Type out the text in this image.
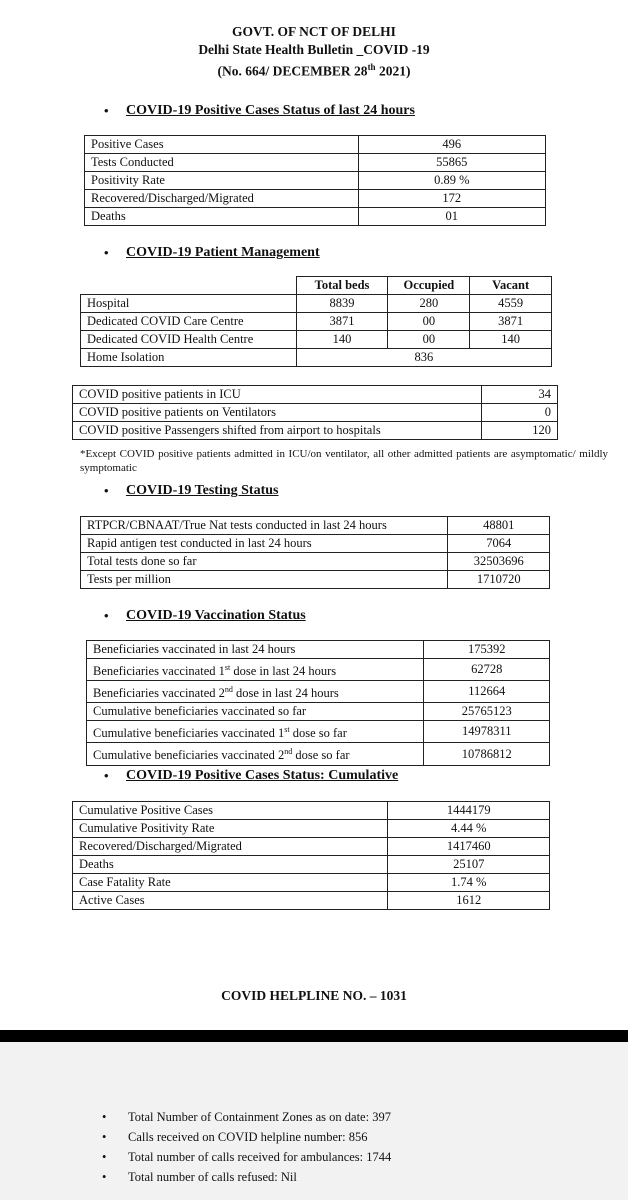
GOVT. OF NCT OF DELHI
Delhi State Health Bulletin _COVID -19
(No. 664/ DECEMBER 28th 2021)
• COVID-19 Positive Cases Status of last 24 hours
Positive Cases	496
Tests Conducted	55865
Positivity Rate	0.89 %
Recovered/Discharged/Migrated	172
Deaths	01
• COVID-19 Patient Management
	Total beds	Occupied	Vacant
Hospital	8839	280	4559
Dedicated COVID Care Centre	3871	00	3871
Dedicated COVID Health Centre	140	00	140
Home Isolation	836		
COVID positive patients in ICU	34
COVID positive patients on Ventilators	0
COVID positive Passengers shifted from airport to hospitals	120
*Except COVID positive patients admitted in ICU/on ventilator, all other admitted patients are asymptomatic/ mildly symptomatic
• COVID-19 Testing Status
RTPCR/CBNAAT/True Nat tests conducted in last 24 hours	48801
Rapid antigen test conducted in last 24 hours	7064
Total tests done so far	32503696
Tests per million	1710720
• COVID-19 Vaccination Status
Beneficiaries vaccinated in last 24 hours	175392
Beneficiaries vaccinated 1st dose in last 24 hours	62728
Beneficiaries vaccinated 2nd dose in last 24 hours	112664
Cumulative beneficiaries vaccinated so far	25765123
Cumulative beneficiaries vaccinated 1st dose so far	14978311
Cumulative beneficiaries vaccinated 2nd dose so far	10786812
• COVID-19 Positive Cases Status: Cumulative
Cumulative Positive Cases	1444179
Cumulative Positivity Rate	4.44 %
Recovered/Discharged/Migrated	1417460
Deaths	25107
Case Fatality Rate	1.74 %
Active Cases	1612
COVID HELPLINE NO. – 1031
• Total Number of Containment Zones as on date: 397
• Calls received on COVID helpline number: 856
• Total number of calls received for ambulances: 1744
• Total number of calls refused: Nil
